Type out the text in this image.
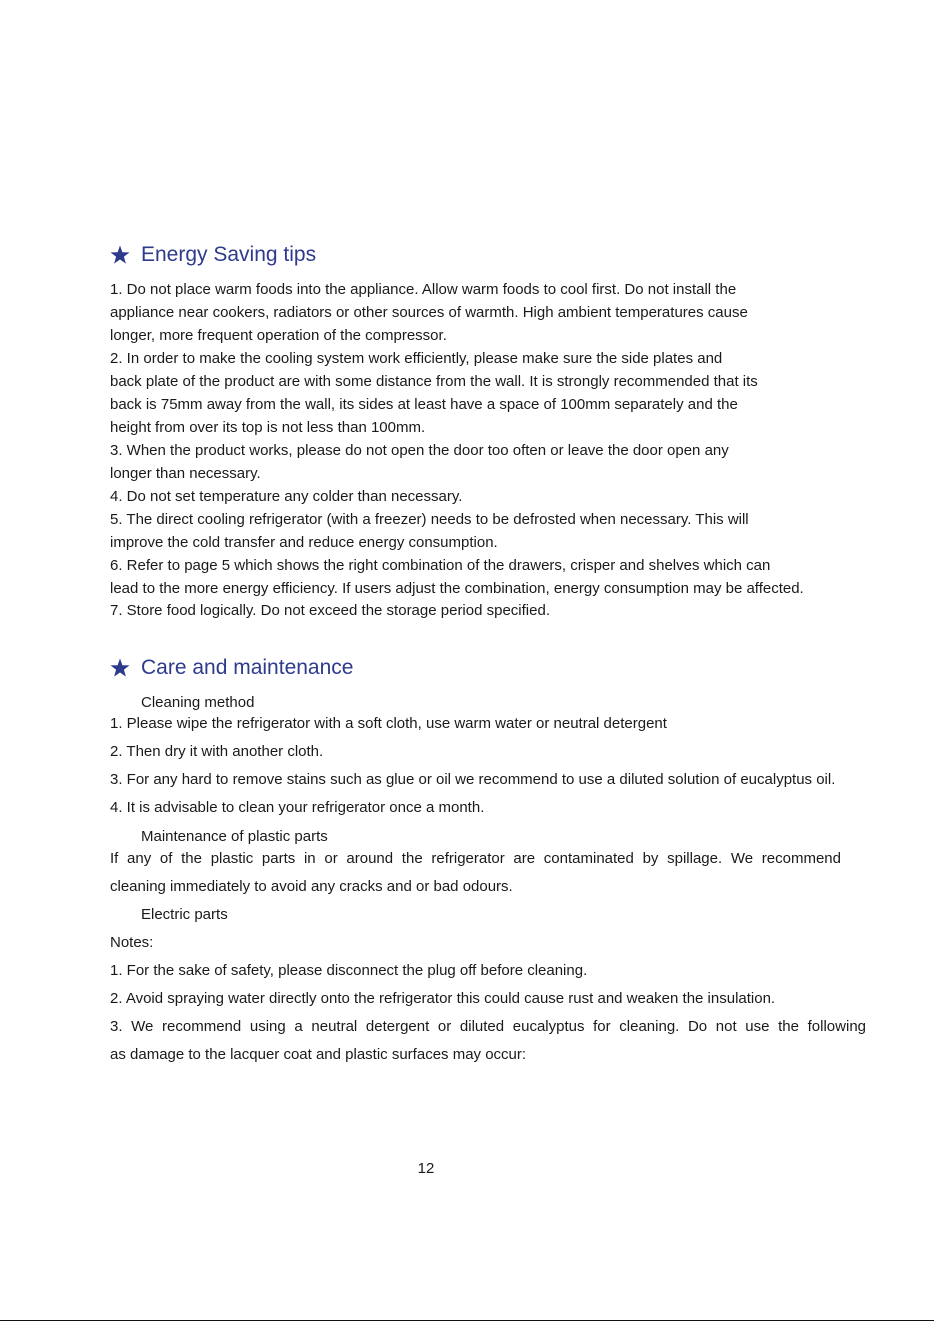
Energy Saving tips
1. Do not place warm foods into the appliance. Allow warm foods to cool first. Do not install the
appliance near cookers, radiators or other sources of warmth. High ambient temperatures cause
longer, more frequent operation of the compressor.
2. In order to make the cooling system work efficiently, please make sure the side plates and
back plate of the product are with some distance from the wall. It is strongly recommended that its
back is 75mm away from the wall, its sides at least have a space of 100mm separately and the
height from over its top is not less than 100mm.
3. When the product works, please do not open the door too often or leave the door open any
longer than necessary.
4. Do not set temperature any colder than necessary.
5. The direct cooling refrigerator (with a freezer) needs to be defrosted when necessary. This will
improve the cold transfer and reduce energy consumption.
6. Refer to page 5 which shows the right combination of the drawers, crisper and shelves which can
lead to the more energy efficiency. If users adjust the combination, energy consumption may be affected.
7. Store food logically. Do not exceed the storage period specified.
Care and maintenance
Cleaning method
1. Please wipe the refrigerator with a soft cloth, use warm water or neutral detergent
2. Then dry it with another cloth.
3. For any hard to remove stains such as glue or oil we recommend to use a diluted solution of eucalyptus oil.
4. It is advisable to clean your refrigerator once a month.
Maintenance of plastic parts
If any of the plastic parts in or around the refrigerator are contaminated by spillage. We recommend
cleaning immediately to avoid any cracks and or bad odours.
Electric parts
Notes:
1. For the sake of safety, please disconnect the plug off before cleaning.
2. Avoid spraying water directly onto the refrigerator this could cause rust and weaken the insulation.
3. We recommend using a neutral detergent or diluted eucalyptus for cleaning. Do not use the following
as damage to the lacquer coat and plastic surfaces may occur:
12
